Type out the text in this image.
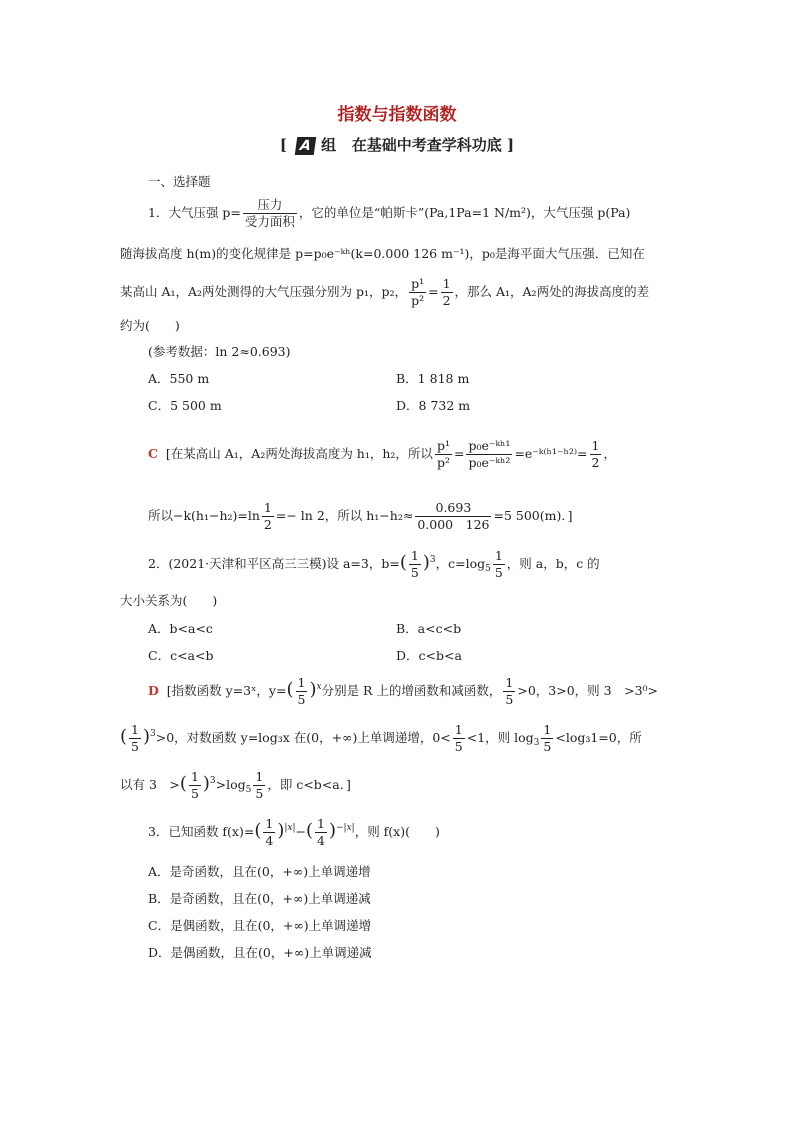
指数与指数函数
[ A 组 在基础中考查学科功底 ]
一、选择题
1．大气压强 $p= \frac{\text{压力}}{\text{受力面积}}$ ，它的单位是“帕斯卡”(Pa,1Pa=1 N/m²)，大气压强 p(Pa)
随海拔高度 h(m)的变化规律是 p=p₀e⁻ᵏʰ(k=0.000 126 m⁻¹)，p₀是海平面大气压强．已知在
某高山 A₁，A₂两处测得的大气压强分别为 p₁，p₂， $\frac{\text{p¹}}{\text{p²}} = \frac{1}{2}$ ，那么 A₁，A₂两处的海拔高度的差
约为(　　)
(参考数据：ln 2≈0.693)
A．550 m	B．1 818 m
C．5 500 m	D．8 732 m
C [在某高山 A₁，A₂两处海拔高度为 h₁，h₂，所以 $\frac{\text{p¹}}{\text{p²}} = \frac{\text{p₀e⁻ᵏʰ¹}}{\text{p₀e⁻ᵏʰ²}}$ =e⁻ᵏ⁽ʰ¹⁻ʰ²⁾= $\frac{1}{2}$ ，
所以$-k(h_1-h_2)=\ln \frac{1}{2} =- \ln 2$，所以 $h_1-h_2\approx \frac{0.693}{0.000 126} =5$ 500(m)．]
2．(2021·天津和平区高三三模)设 a=3，$b=( \frac{1}{5} )^3$，$c=\log_5 \frac{1}{5}$ ，则 a，b，c 的
大小关系为(　　)
A．b<a<c	B．a<c<b
C．c<a<b	D．c<b<a
D [指数函数 y=3ˣ，$y=( \frac{1}{5} )^x$分别是 R 上的增函数和减函数， $\frac{1}{5} >0$，3>0，则 3　>3⁰>
( $\frac{1}{5} )^3>0$，对数函数 y=log₃x 在(0，+∞)上单调递增，$0< \frac{1}{5} <1$，则 $\log_3 \frac{1}{5} <\log_31=0$，所
以有 3　>( $\frac{1}{5} )^3>\log_5 \frac{1}{5}$ ，即 c<b<a．]
3．已知函数 $f(x)=( \frac{1}{4} )^{|x|}-( \frac{1}{4} )^{-|x|}$，则 f(x)(　　)
A．是奇函数，且在(0，+∞)上单调递增
B．是奇函数，且在(0，+∞)上单调递减
C．是偶函数，且在(0，+∞)上单调递增
D．是偶函数，且在(0，+∞)上单调递减
